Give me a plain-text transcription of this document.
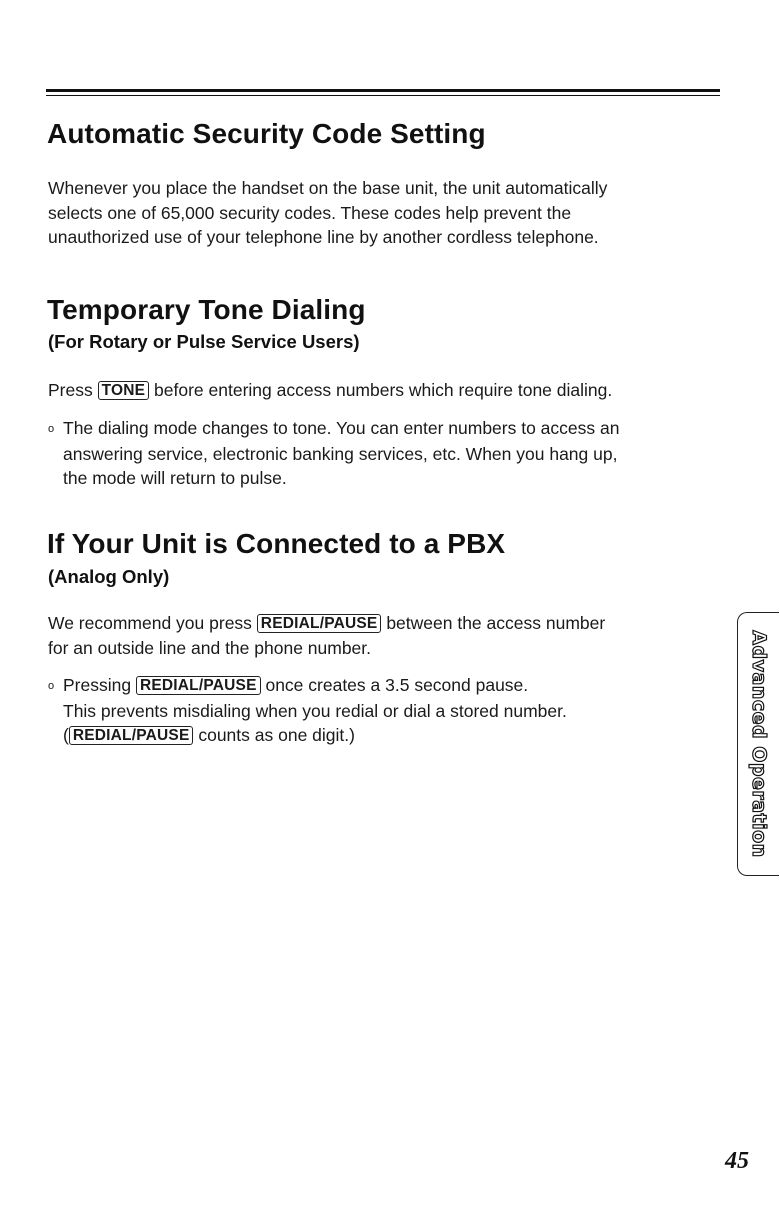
Automatic Security Code Setting

Whenever you place the handset on the base unit, the unit automatically
selects one of 65,000 security codes. These codes help prevent the
unauthorized use of your telephone line by another cordless telephone.

Temporary Tone Dialing
(For Rotary or Pulse Service Users)

Press TONE before entering access numbers which require tone dialing.

o The dialing mode changes to tone. You can enter numbers to access an
answering service, electronic banking services, etc. When you hang up,
the mode will return to pulse.
If Your Unit is Connected to a PBX
(Analog Only)

We recommend you press REDIAL/PAUSE between the access number
for an outside line and the phone number.

o Pressing REDIAL/PAUSE once creates a 3.5 second pause.
This prevents misdialing when you redial or dial a stored number.
( REDIAL/PAUSE counts as one digit.)	Advanced Operation
45
